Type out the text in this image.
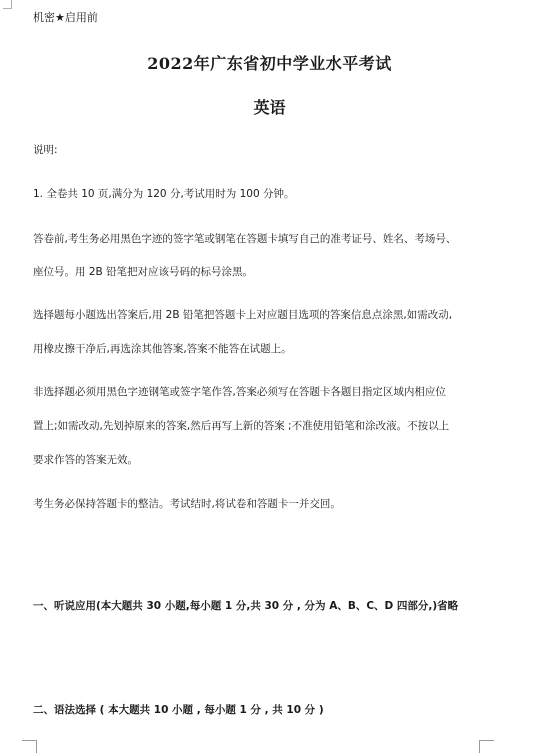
机密★启用前
2022年广东省初中学业水平考试
英语
说明:
1. 全卷共 10 页,满分为 120 分,考试用时为 100 分钟。
答卷前,考生务必用黑色字迹的签字笔或钢笔在答题卡填写自己的准考证号、姓名、考场号、
座位号。用 2B 铅笔把对应该号码的标号涂黑。
选择题每小题选出答案后,用 2B 铅笔把答题卡上对应题目选项的答案信息点涂黑,如需改动,
用橡皮擦干净后,再选涂其他答案,答案不能答在试题上。
非选择题必须用黑色字迹钢笔或签字笔作答,答案必须写在答题卡各题目指定区域内相应位
置上;如需改动,先划掉原来的答案,然后再写上新的答案 ;不准使用铅笔和涂改液。不按以上
要求作答的答案无效。
考生务必保持答题卡的整洁。考试结时,将试卷和答题卡一并交回。
一、听说应用(本大题共 30 小题,每小题 1 分,共 30 分 , 分为 A、B、C、D 四部分,)省略
二、语法选择 ( 本大题共 10 小题 , 每小题 1 分 , 共 10 分 )
